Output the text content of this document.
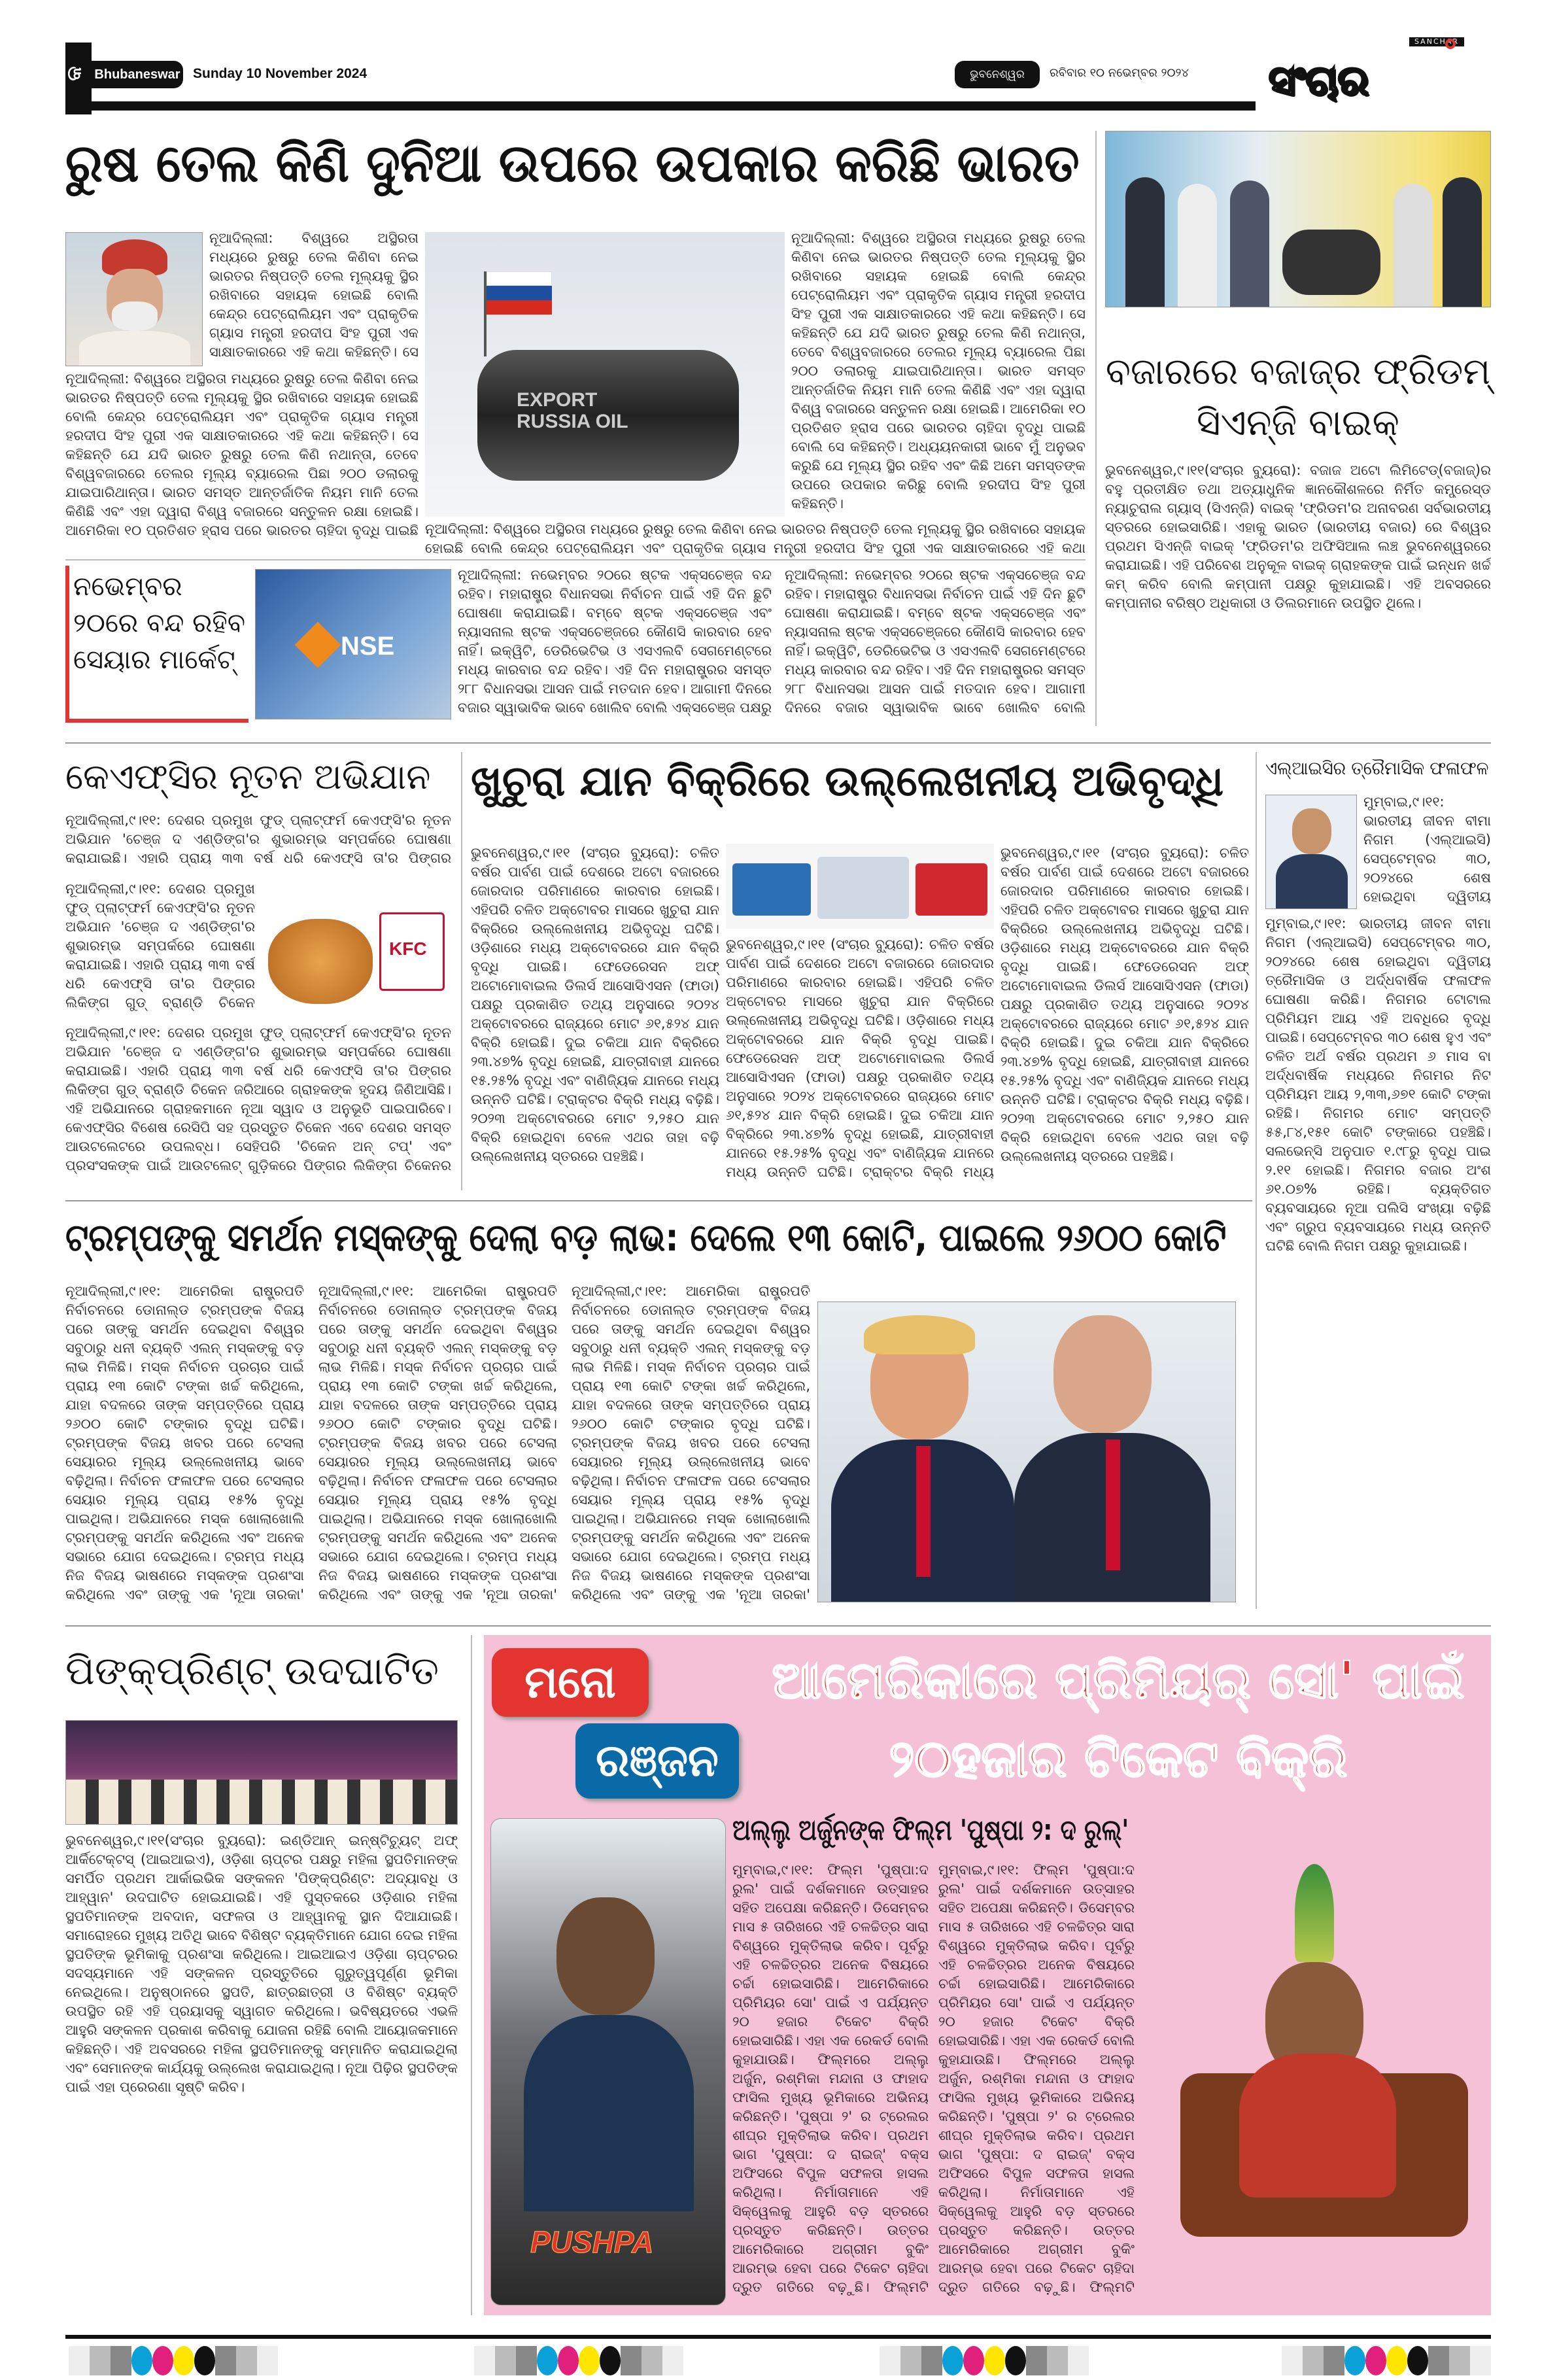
କ Bhubaneswar Sunday 10 November 2024	ଭୁବନେଶ୍ୱର	ରବିବାର ୧୦ ନଭେମ୍ବର ୨୦୨୪
SANCHAR
ସଂଚାର
ରୁଷ ତେଲ କିଣି ଦୁନିଆ ଉପରେ ଉପକାର କରିଛି ଭାରତ
ନୂଆଦିଲ୍ଲୀ: ବିଶ୍ୱରେ ଅସ୍ଥିରତା ମଧ୍ୟରେ ରୁଷରୁ ତେଲ କିଣିବା ନେଇ ଭାରତର ନିଷ୍ପତ୍ତି ତେଲ ମୂଲ୍ୟକୁ ସ୍ଥିର ରଖିବାରେ ସହାୟକ ହୋଇଛି ବୋଲି କେନ୍ଦ୍ର ପେଟ୍ରୋଲିୟମ ଏବଂ ପ୍ରାକୃତିକ ଗ୍ୟାସ ମନ୍ତ୍ରୀ ହରଦୀପ ସିଂହ ପୁରୀ ଏକ ସାକ୍ଷାତକାରରେ ଏହି କଥା କହିଛନ୍ତି। ସେ
ନୂଆଦିଲ୍ଲୀ: ବିଶ୍ୱରେ ଅସ୍ଥିରତା ମଧ୍ୟରେ ରୁଷରୁ ତେଲ କିଣିବା ନେଇ ଭାରତର ନିଷ୍ପତ୍ତି ତେଲ ମୂଲ୍ୟକୁ ସ୍ଥିର ରଖିବାରେ ସହାୟକ ହୋଇଛି ବୋଲି କେନ୍ଦ୍ର ପେଟ୍ରୋଲିୟମ ଏବଂ ପ୍ରାକୃତିକ ଗ୍ୟାସ ମନ୍ତ୍ରୀ ହରଦୀପ ସିଂହ ପୁରୀ ଏକ ସାକ୍ଷାତକାରରେ ଏହି କଥା କହିଛନ୍ତି। ସେ କହିଛନ୍ତି ଯେ ଯଦି ଭାରତ ରୁଷରୁ ତେଲ କିଣି ନଥାନ୍ତା, ତେବେ ବିଶ୍ୱବଜାରରେ ତେଲର ମୂଲ୍ୟ ବ୍ୟାରେଲ ପିଛା ୨୦୦ ଡଲାରକୁ ଯାଇପାରିଥାନ୍ତା। ଭାରତ ସମସ୍ତ ଆନ୍ତର୍ଜାତିକ ନିୟମ ମାନି ତେଲ କିଣିଛି ଏବଂ ଏହା ଦ୍ୱାରା ବିଶ୍ୱ ବଜାରରେ ସନ୍ତୁଳନ ରକ୍ଷା ହୋଇଛି। ଆମେରିକା ୧୦ ପ୍ରତିଶତ ହ୍ରାସ ପରେ ଭାରତର ଚାହିଦା ବୃଦ୍ଧି ପାଇଛି
EXPORT RUSSIA OIL
ନୂଆଦିଲ୍ଲୀ: ବିଶ୍ୱରେ ଅସ୍ଥିରତା ମଧ୍ୟରେ ରୁଷରୁ ତେଲ କିଣିବା ନେଇ ଭାରତର ନିଷ୍ପତ୍ତି ତେଲ ମୂଲ୍ୟକୁ ସ୍ଥିର ରଖିବାରେ ସହାୟକ ହୋଇଛି ବୋଲି କେନ୍ଦ୍ର ପେଟ୍ରୋଲିୟମ ଏବଂ ପ୍ରାକୃତିକ ଗ୍ୟାସ ମନ୍ତ୍ରୀ ହରଦୀପ ସିଂହ ପୁରୀ ଏକ ସାକ୍ଷାତକାରରେ ଏହି କଥା କହିଛନ୍ତି। ସେ କହିଛନ୍ତି ଯେ ଯଦି ଭାରତ ରୁଷରୁ ତେଲ କିଣି ନଥାନ୍ତା, ତେବେ ବିଶ୍ୱବଜାରରେ ତେଲର ମୂଲ୍ୟ ବ୍ୟାରେଲ ପିଛା ୨୦୦ ଡଲାରକୁ ଯାଇପାରିଥାନ୍ତା। ଭାରତ ସମସ୍ତ ଆନ୍ତର୍ଜାତିକ ନିୟମ ମାନି ତେଲ କିଣିଛି ଏବଂ ଏହା ଦ୍ୱାରା ବିଶ୍ୱ ବଜାରରେ ସନ୍ତୁଳନ ରକ୍ଷା ହୋଇଛି। ଆମେରିକା ୧୦ ପ୍ରତିଶତ ହ୍ରାସ ପରେ ଭାରତର ଚାହିଦା ବୃଦ୍ଧି ପାଇଛି ବୋଲି ସେ କହିଛନ୍ତି। ଅଧ୍ୟୟନକାରୀ ଭାବେ ମୁଁ ଅନୁଭବ କରୁଛି ଯେ ମୂଲ୍ୟ ସ୍ଥିର ରହିବ ଏବଂ କିଛି ଅମେ ସମସ୍ତଙ୍କ ଉପରେ ଉପକାର କରିଛୁ ବୋଲି ହରଦୀପ ସିଂହ ପୁରୀ କହିଛନ୍ତି।
ନୂଆଦିଲ୍ଲୀ: ବିଶ୍ୱରେ ଅସ୍ଥିରତା ମଧ୍ୟରେ ରୁଷରୁ ତେଲ କିଣିବା ନେଇ ଭାରତର ନିଷ୍ପତ୍ତି ତେଲ ମୂଲ୍ୟକୁ ସ୍ଥିର ରଖିବାରେ ସହାୟକ ହୋଇଛି ବୋଲି କେନ୍ଦ୍ର ପେଟ୍ରୋଲିୟମ ଏବଂ ପ୍ରାକୃତିକ ଗ୍ୟାସ ମନ୍ତ୍ରୀ ହରଦୀପ ସିଂହ ପୁରୀ ଏକ ସାକ୍ଷାତକାରରେ ଏହି କଥା
ବଜାରରେ ବଜାଜ୍‌ର ଫ୍ରିଡମ୍ ସିଏନ୍‌ଜି ବାଇକ୍
ଭୁବନେଶ୍ୱର,୯।୧୧(ସଂଚାର ବ୍ୟୁରୋ): ବଜାଜ ଅଟୋ ଲିମିଟେଡ୍(ବଜାଜ୍)ର ବହୁ ପ୍ରତୀକ୍ଷିତ ତଥା ଅତ୍ୟାଧୁନିକ ଜ୍ଞାନକୌଶଳରେ ନିର୍ମିତ କମ୍ପ୍ରେସ୍ଡ ନ୍ୟାଚୁରାଲ ଗ୍ୟାସ୍ (ସିଏନ୍‌ଜି) ବାଇକ୍ 'ଫ୍ରିଡମ'ର ଅନାବରଣ ସର୍ବଭାରତୀୟ ସ୍ତରରେ ହୋଇସାରିଛି। ଏହାକୁ ଭାରତ (ଭାରତୀୟ ବଜାର) ରେ ବିଶ୍ୱର ପ୍ରଥମ ସିଏନ୍‌ଜି ବାଇକ୍ 'ଫ୍ରିଡମ'ର ଅଫିସିଆଲ ଲଞ୍ଚ ଭୁବନେଶ୍ୱରରେ କରାଯାଇଛି। ଏହି ପରିବେଶ ଅନୁକୂଳ ବାଇକ୍ ଗ୍ରାହକଙ୍କ ପାଇଁ ଇନ୍ଧନ ଖର୍ଚ୍ଚ କମ୍ କରିବ ବୋଲି କମ୍ପାନୀ ପକ୍ଷରୁ କୁହାଯାଇଛି। ଏହି ଅବସରରେ କମ୍ପାନୀର ବରିଷ୍ଠ ଅଧିକାରୀ ଓ ଡିଲରମାନେ ଉପସ୍ଥିତ ଥିଲେ।
ନଭେମ୍ବର ୨୦ରେ ବନ୍ଦ ରହିବ ସେୟାର ମାର୍କେଟ୍	NSE
ନୂଆଦିଲ୍ଲୀ: ନଭେମ୍ବର ୨୦ରେ ଷ୍ଟକ ଏକ୍ସଚେଞ୍ଜ ବନ୍ଦ ରହିବ। ମହାରାଷ୍ଟ୍ର ବିଧାନସଭା ନିର୍ବାଚନ ପାଇଁ ଏହି ଦିନ ଛୁଟି ଘୋଷଣା କରାଯାଇଛି। ବମ୍ବେ ଷ୍ଟକ ଏକ୍ସଚେଞ୍ଜ ଏବଂ ନ୍ୟାସନାଲ ଷ୍ଟକ ଏକ୍ସଚେଞ୍ଜରେ କୌଣସି କାରବାର ହେବ ନାହିଁ। ଇକ୍ୱିଟି, ଡେରିଭେଟିଭ ଓ ଏସଏଲବି ସେଗମେଣ୍ଟରେ ମଧ୍ୟ କାରବାର ବନ୍ଦ ରହିବ। ଏହି ଦିନ ମହାରାଷ୍ଟ୍ରର ସମସ୍ତ ୨୮୮ ବିଧାନସଭା ଆସନ ପାଇଁ ମତଦାନ ହେବ। ଆଗାମୀ ଦିନରେ ବଜାର ସ୍ୱାଭାବିକ ଭାବେ ଖୋଲିବ ବୋଲି ଏକ୍ସଚେଞ୍ଜ ପକ୍ଷରୁ
ନୂଆଦିଲ୍ଲୀ: ନଭେମ୍ବର ୨୦ରେ ଷ୍ଟକ ଏକ୍ସଚେଞ୍ଜ ବନ୍ଦ ରହିବ। ମହାରାଷ୍ଟ୍ର ବିଧାନସଭା ନିର୍ବାଚନ ପାଇଁ ଏହି ଦିନ ଛୁଟି ଘୋଷଣା କରାଯାଇଛି। ବମ୍ବେ ଷ୍ଟକ ଏକ୍ସଚେଞ୍ଜ ଏବଂ ନ୍ୟାସନାଲ ଷ୍ଟକ ଏକ୍ସଚେଞ୍ଜରେ କୌଣସି କାରବାର ହେବ ନାହିଁ। ଇକ୍ୱିଟି, ଡେରିଭେଟିଭ ଓ ଏସଏଲବି ସେଗମେଣ୍ଟରେ ମଧ୍ୟ କାରବାର ବନ୍ଦ ରହିବ। ଏହି ଦିନ ମହାରାଷ୍ଟ୍ରର ସମସ୍ତ ୨୮୮ ବିଧାନସଭା ଆସନ ପାଇଁ ମତଦାନ ହେବ। ଆଗାମୀ ଦିନରେ ବଜାର ସ୍ୱାଭାବିକ ଭାବେ ଖୋଲିବ ବୋଲି
କେଏଫ୍‌ସିର ନୂତନ ଅଭିଯାନ
ନୂଆଦିଲ୍ଲୀ,୯।୧୧: ଦେଶର ପ୍ରମୁଖ ଫୁଡ୍ ପ୍ଲାଟ୍‌ଫର୍ମ କେଏଫ୍‌ସି'ର ନୂତନ ଅଭିଯାନ 'ଚେଞ୍ଜ ଦ ଏଣ୍ଡିଙ୍ଗ'ର ଶୁଭାରମ୍ଭ ସମ୍ପର୍କରେ ଘୋଷଣା କରାଯାଇଛି। ଏହାରି ପ୍ରାୟ ୩୩ ବର୍ଷ ଧରି କେଏଫ୍‌ସି ତା'ର ପିଙ୍ଗର
ନୂଆଦିଲ୍ଲୀ,୯।୧୧: ଦେଶର ପ୍ରମୁଖ ଫୁଡ୍ ପ୍ଲାଟ୍‌ଫର୍ମ କେଏଫ୍‌ସି'ର ନୂତନ ଅଭିଯାନ 'ଚେଞ୍ଜ ଦ ଏଣ୍ଡିଙ୍ଗ'ର ଶୁଭାରମ୍ଭ ସମ୍ପର୍କରେ ଘୋଷଣା କରାଯାଇଛି। ଏହାରି ପ୍ରାୟ ୩୩ ବର୍ଷ ଧରି କେଏଫ୍‌ସି ତା'ର ପିଙ୍ଗର ଲିକିଙ୍ଗ ଗୁଡ୍ ବ୍ରାଣ୍ଡି ଚିକେନ
KFC
ନୂଆଦିଲ୍ଲୀ,୯।୧୧: ଦେଶର ପ୍ରମୁଖ ଫୁଡ୍ ପ୍ଲାଟ୍‌ଫର୍ମ କେଏଫ୍‌ସି'ର ନୂତନ ଅଭିଯାନ 'ଚେଞ୍ଜ ଦ ଏଣ୍ଡିଙ୍ଗ'ର ଶୁଭାରମ୍ଭ ସମ୍ପର୍କରେ ଘୋଷଣା କରାଯାଇଛି। ଏହାରି ପ୍ରାୟ ୩୩ ବର୍ଷ ଧରି କେଏଫ୍‌ସି ତା'ର ପିଙ୍ଗର ଲିକିଙ୍ଗ ଗୁଡ୍ ବ୍ରାଣ୍ଡି ଚିକେନ ଜରିଆରେ ଗ୍ରାହକଙ୍କ ହୃଦୟ ଜିଣିଆସିଛି। ଏହି ଅଭିଯାନରେ ଗ୍ରାହକମାନେ ନୂଆ ସ୍ୱାଦ ଓ ଅନୁଭୂତି ପାଇପାରିବେ। କେଏଫ୍‌ସିର ବିଶେଷ ରେସିପି ସହ ପ୍ରସ୍ତୁତ ଚିକେନ ଏବେ ଦେଶର ସମସ୍ତ ଆଉଟଲେଟରେ ଉପଲବ୍ଧ। ସେହିପରି 'ଚିକେନ ଅନ୍ ଟପ୍' ଏବଂ ପ୍ରସଂସକଙ୍କ ପାଇଁ ଆଉଟଲେଟ୍ ଗୁଡ଼ିକରେ ପିଙ୍ଗର ଲିକିଙ୍ଗ ଚିକେନର
ଖୁଚୁରା ଯାନ ବିକ୍ରିରେ ଉଲ୍ଲେଖନୀୟ ଅଭିବୃଦ୍ଧି
ଭୁବନେଶ୍ୱର,୯।୧୧ (ସଂଚାର ବ୍ୟୁରୋ): ଚଳିତ ବର୍ଷର ପାର୍ବଣ ପାଇଁ ଦେଶରେ ଅଟୋ ବଜାରରେ ଜୋରଦାର ପରିମାଣରେ କାରବାର ହୋଇଛି। ଏହିପରି ଚଳିତ ଅକ୍ଟୋବର ମାସରେ ଖୁଚୁରା ଯାନ ବିକ୍ରିରେ ଉଲ୍ଲେଖନୀୟ ଅଭିବୃଦ୍ଧି ଘଟିଛି। ଓଡ଼ିଶାରେ ମଧ୍ୟ ଅକ୍ଟୋବରରେ ଯାନ ବିକ୍ରି ବୃଦ୍ଧି ପାଇଛି। ଫେଡେରେସନ ଅଫ୍ ଅଟୋମୋବାଇଲ ଡିଲର୍ସ ଆସୋସିଏସନ (ଫାଡା) ପକ୍ଷରୁ ପ୍ରକାଶିତ ତଥ୍ୟ ଅନୁସାରେ ୨୦୨୪ ଅକ୍ଟୋବରରେ ରାଜ୍ୟରେ ମୋଟ ୬୧,୫୨୪ ଯାନ ବିକ୍ରି ହୋଇଛି। ଦୁଇ ଚକିଆ ଯାନ ବିକ୍ରିରେ ୨୩.୪୭% ବୃଦ୍ଧି ହୋଇଛି, ଯାତ୍ରୀବାହୀ ଯାନରେ ୧୫.୨୫% ବୃଦ୍ଧି ଏବଂ ବାଣିଜ୍ୟିକ ଯାନରେ ମଧ୍ୟ ଉନ୍ନତି ଘଟିଛି। ଟ୍ରାକ୍ଟର ବିକ୍ରି ମଧ୍ୟ ବଢ଼ିଛି। ୨୦୨୩ ଅକ୍ଟୋବରରେ ମୋଟ ୨,୨୫୦ ଯାନ ବିକ୍ରି ହୋଇଥିବା ବେଳେ ଏଥର ତାହା ବଢ଼ି ଉଲ୍ଲେଖନୀୟ ସ୍ତରରେ ପହଞ୍ଚିଛି।
ଭୁବନେଶ୍ୱର,୯।୧୧ (ସଂଚାର ବ୍ୟୁରୋ): ଚଳିତ ବର୍ଷର ପାର୍ବଣ ପାଇଁ ଦେଶରେ ଅଟୋ ବଜାରରେ ଜୋରଦାର ପରିମାଣରେ କାରବାର ହୋଇଛି। ଏହିପରି ଚଳିତ ଅକ୍ଟୋବର ମାସରେ ଖୁଚୁରା ଯାନ ବିକ୍ରିରେ ଉଲ୍ଲେଖନୀୟ ଅଭିବୃଦ୍ଧି ଘଟିଛି। ଓଡ଼ିଶାରେ ମଧ୍ୟ ଅକ୍ଟୋବରରେ ଯାନ ବିକ୍ରି ବୃଦ୍ଧି ପାଇଛି। ଫେଡେରେସନ ଅଫ୍ ଅଟୋମୋବାଇଲ ଡିଲର୍ସ ଆସୋସିଏସନ (ଫାଡା) ପକ୍ଷରୁ ପ୍ରକାଶିତ ତଥ୍ୟ ଅନୁସାରେ ୨୦୨୪ ଅକ୍ଟୋବରରେ ରାଜ୍ୟରେ ମୋଟ ୬୧,୫୨୪ ଯାନ ବିକ୍ରି ହୋଇଛି। ଦୁଇ ଚକିଆ ଯାନ ବିକ୍ରିରେ ୨୩.୪୭% ବୃଦ୍ଧି ହୋଇଛି, ଯାତ୍ରୀବାହୀ ଯାନରେ ୧୫.୨୫% ବୃଦ୍ଧି ଏବଂ ବାଣିଜ୍ୟିକ ଯାନରେ ମଧ୍ୟ ଉନ୍ନତି ଘଟିଛି। ଟ୍ରାକ୍ଟର ବିକ୍ରି ମଧ୍ୟ
ଭୁବନେଶ୍ୱର,୯।୧୧ (ସଂଚାର ବ୍ୟୁରୋ): ଚଳିତ ବର୍ଷର ପାର୍ବଣ ପାଇଁ ଦେଶରେ ଅଟୋ ବଜାରରେ ଜୋରଦାର ପରିମାଣରେ କାରବାର ହୋଇଛି। ଏହିପରି ଚଳିତ ଅକ୍ଟୋବର ମାସରେ ଖୁଚୁରା ଯାନ ବିକ୍ରିରେ ଉଲ୍ଲେଖନୀୟ ଅଭିବୃଦ୍ଧି ଘଟିଛି। ଓଡ଼ିଶାରେ ମଧ୍ୟ ଅକ୍ଟୋବରରେ ଯାନ ବିକ୍ରି ବୃଦ୍ଧି ପାଇଛି। ଫେଡେରେସନ ଅଫ୍ ଅଟୋମୋବାଇଲ ଡିଲର୍ସ ଆସୋସିଏସନ (ଫାଡା) ପକ୍ଷରୁ ପ୍ରକାଶିତ ତଥ୍ୟ ଅନୁସାରେ ୨୦୨୪ ଅକ୍ଟୋବରରେ ରାଜ୍ୟରେ ମୋଟ ୬୧,୫୨୪ ଯାନ ବିକ୍ରି ହୋଇଛି। ଦୁଇ ଚକିଆ ଯାନ ବିକ୍ରିରେ ୨୩.୪୭% ବୃଦ୍ଧି ହୋଇଛି, ଯାତ୍ରୀବାହୀ ଯାନରେ ୧୫.୨୫% ବୃଦ୍ଧି ଏବଂ ବାଣିଜ୍ୟିକ ଯାନରେ ମଧ୍ୟ ଉନ୍ନତି ଘଟିଛି। ଟ୍ରାକ୍ଟର ବିକ୍ରି ମଧ୍ୟ ବଢ଼ିଛି। ୨୦୨୩ ଅକ୍ଟୋବରରେ ମୋଟ ୨,୨୫୦ ଯାନ ବିକ୍ରି ହୋଇଥିବା ବେଳେ ଏଥର ତାହା ବଢ଼ି ଉଲ୍ଲେଖନୀୟ ସ୍ତରରେ ପହଞ୍ଚିଛି।
ଏଲ୍‌ଆଇସିର ତ୍ରୈମାସିକ ଫଳାଫଳ
ମୁମ୍ବାଇ,୯।୧୧: ଭାରତୀୟ ଜୀବନ ବୀମା ନିଗମ (ଏଲ୍‌ଆଇସି) ସେପ୍ଟେମ୍ବର ୩୦, ୨୦୨୪ରେ ଶେଷ ହୋଇଥିବା ଦ୍ୱିତୀୟ
ମୁମ୍ବାଇ,୯।୧୧: ଭାରତୀୟ ଜୀବନ ବୀମା ନିଗମ (ଏଲ୍‌ଆଇସି) ସେପ୍ଟେମ୍ବର ୩୦, ୨୦୨୪ରେ ଶେଷ ହୋଇଥିବା ଦ୍ୱିତୀୟ ତ୍ରୈମାସିକ ଓ ଅର୍ଦ୍ଧବାର୍ଷିକ ଫଳାଫଳ ଘୋଷଣା କରିଛି। ନିଗମର ଟୋଟାଲ ପ୍ରିମିୟମ ଆୟ ଏହି ଅବଧିରେ ବୃଦ୍ଧି ପାଇଛି। ସେପ୍ଟେମ୍ବର ୩୦ ଶେଷ ହୁଏ ଏବଂ ଚଳିତ ଅର୍ଥ ବର୍ଷର ପ୍ରଥମ ୬ ମାସ ବା ଅର୍ଦ୍ଧବାର୍ଷିକ ମଧ୍ୟରେ ନିଗମର ନିଟ ପ୍ରିମିୟମ ଆୟ ୨,୩୩,୬୭୧ କୋଟି ଟଙ୍କା ରହିଛି। ନିଗମର ମୋଟ ସମ୍ପତ୍ତି ୫୫,୮୪,୧୫୧ କୋଟି ଟଙ୍କାରେ ପହଞ୍ଚିଛି। ସଲଭେନ୍ସି ଅନୁପାତ ୧.୯୮ରୁ ବୃଦ୍ଧି ପାଇ ୨.୧୧ ହୋଇଛି। ନିଗମର ବଜାର ଅଂଶ ୬୧.୦୭% ରହିଛି। ବ୍ୟକ୍ତିଗତ ବ୍ୟବସାୟରେ ନୂଆ ପଲିସି ସଂଖ୍ୟା ବଢ଼ିଛି ଏବଂ ଗ୍ରୁପ ବ୍ୟବସାୟରେ ମଧ୍ୟ ଉନ୍ନତି ଘଟିଛି ବୋଲି ନିଗମ ପକ୍ଷରୁ କୁହାଯାଇଛି।
ଟ୍ରମ୍ପଙ୍କୁ ସମର୍ଥନ ମସ୍କଙ୍କୁ ଦେଲା ବଡ଼ ଲାଭ: ଦେଲେ ୧୩ କୋଟି, ପାଇଲେ ୨୬୦୦ କୋଟି
ନୂଆଦିଲ୍ଲୀ,୯।୧୧: ଆମେରିକା ରାଷ୍ଟ୍ରପତି ନିର୍ବାଚନରେ ଡୋନାଲ୍ଡ ଟ୍ରମ୍ପଙ୍କ ବିଜୟ ପରେ ତାଙ୍କୁ ସମର୍ଥନ ଦେଇଥିବା ବିଶ୍ୱର ସବୁଠାରୁ ଧନୀ ବ୍ୟକ୍ତି ଏଲନ୍ ମସ୍କଙ୍କୁ ବଡ଼ ଲାଭ ମିଳିଛି। ମସ୍କ ନିର୍ବାଚନ ପ୍ରଚାର ପାଇଁ ପ୍ରାୟ ୧୩ କୋଟି ଟଙ୍କା ଖର୍ଚ୍ଚ କରିଥିଲେ, ଯାହା ବଦଳରେ ତାଙ୍କ ସମ୍ପତ୍ତିରେ ପ୍ରାୟ ୨୬୦୦ କୋଟି ଟଙ୍କାର ବୃଦ୍ଧି ଘଟିଛି। ଟ୍ରମ୍ପଙ୍କ ବିଜୟ ଖବର ପରେ ଟେସଲା ସେୟାରର ମୂଲ୍ୟ ଉଲ୍ଲେଖନୀୟ ଭାବେ ବଢ଼ିଥିଲା। ନିର୍ବାଚନ ଫଳାଫଳ ପରେ ଟେସଲାର ସେୟାର ମୂଲ୍ୟ ପ୍ରାୟ ୧୫% ବୃଦ୍ଧି ପାଇଥିଲା। ଅଭିଯାନରେ ମସ୍କ ଖୋଲାଖୋଲି ଟ୍ରମ୍ପଙ୍କୁ ସମର୍ଥନ କରିଥିଲେ ଏବଂ ଅନେକ ସଭାରେ ଯୋଗ ଦେଇଥିଲେ। ଟ୍ରମ୍ପ ମଧ୍ୟ ନିଜ ବିଜୟ ଭାଷଣରେ ମସ୍କଙ୍କ ପ୍ରଶଂସା କରିଥିଲେ ଏବଂ ତାଙ୍କୁ ଏକ 'ନୂଆ ତାରକା'
ନୂଆଦିଲ୍ଲୀ,୯।୧୧: ଆମେରିକା ରାଷ୍ଟ୍ରପତି ନିର୍ବାଚନରେ ଡୋନାଲ୍ଡ ଟ୍ରମ୍ପଙ୍କ ବିଜୟ ପରେ ତାଙ୍କୁ ସମର୍ଥନ ଦେଇଥିବା ବିଶ୍ୱର ସବୁଠାରୁ ଧନୀ ବ୍ୟକ୍ତି ଏଲନ୍ ମସ୍କଙ୍କୁ ବଡ଼ ଲାଭ ମିଳିଛି। ମସ୍କ ନିର୍ବାଚନ ପ୍ରଚାର ପାଇଁ ପ୍ରାୟ ୧୩ କୋଟି ଟଙ୍କା ଖର୍ଚ୍ଚ କରିଥିଲେ, ଯାହା ବଦଳରେ ତାଙ୍କ ସମ୍ପତ୍ତିରେ ପ୍ରାୟ ୨୬୦୦ କୋଟି ଟଙ୍କାର ବୃଦ୍ଧି ଘଟିଛି। ଟ୍ରମ୍ପଙ୍କ ବିଜୟ ଖବର ପରେ ଟେସଲା ସେୟାରର ମୂଲ୍ୟ ଉଲ୍ଲେଖନୀୟ ଭାବେ ବଢ଼ିଥିଲା। ନିର୍ବାଚନ ଫଳାଫଳ ପରେ ଟେସଲାର ସେୟାର ମୂଲ୍ୟ ପ୍ରାୟ ୧୫% ବୃଦ୍ଧି ପାଇଥିଲା। ଅଭିଯାନରେ ମସ୍କ ଖୋଲାଖୋଲି ଟ୍ରମ୍ପଙ୍କୁ ସମର୍ଥନ କରିଥିଲେ ଏବଂ ଅନେକ ସଭାରେ ଯୋଗ ଦେଇଥିଲେ। ଟ୍ରମ୍ପ ମଧ୍ୟ ନିଜ ବିଜୟ ଭାଷଣରେ ମସ୍କଙ୍କ ପ୍ରଶଂସା କରିଥିଲେ ଏବଂ ତାଙ୍କୁ ଏକ 'ନୂଆ ତାରକା'
ନୂଆଦିଲ୍ଲୀ,୯।୧୧: ଆମେରିକା ରାଷ୍ଟ୍ରପତି ନିର୍ବାଚନରେ ଡୋନାଲ୍ଡ ଟ୍ରମ୍ପଙ୍କ ବିଜୟ ପରେ ତାଙ୍କୁ ସମର୍ଥନ ଦେଇଥିବା ବିଶ୍ୱର ସବୁଠାରୁ ଧନୀ ବ୍ୟକ୍ତି ଏଲନ୍ ମସ୍କଙ୍କୁ ବଡ଼ ଲାଭ ମିଳିଛି। ମସ୍କ ନିର୍ବାଚନ ପ୍ରଚାର ପାଇଁ ପ୍ରାୟ ୧୩ କୋଟି ଟଙ୍କା ଖର୍ଚ୍ଚ କରିଥିଲେ, ଯାହା ବଦଳରେ ତାଙ୍କ ସମ୍ପତ୍ତିରେ ପ୍ରାୟ ୨୬୦୦ କୋଟି ଟଙ୍କାର ବୃଦ୍ଧି ଘଟିଛି। ଟ୍ରମ୍ପଙ୍କ ବିଜୟ ଖବର ପରେ ଟେସଲା ସେୟାରର ମୂଲ୍ୟ ଉଲ୍ଲେଖନୀୟ ଭାବେ ବଢ଼ିଥିଲା। ନିର୍ବାଚନ ଫଳାଫଳ ପରେ ଟେସଲାର ସେୟାର ମୂଲ୍ୟ ପ୍ରାୟ ୧୫% ବୃଦ୍ଧି ପାଇଥିଲା। ଅଭିଯାନରେ ମସ୍କ ଖୋଲାଖୋଲି ଟ୍ରମ୍ପଙ୍କୁ ସମର୍ଥନ କରିଥିଲେ ଏବଂ ଅନେକ ସଭାରେ ଯୋଗ ଦେଇଥିଲେ। ଟ୍ରମ୍ପ ମଧ୍ୟ ନିଜ ବିଜୟ ଭାଷଣରେ ମସ୍କଙ୍କ ପ୍ରଶଂସା କରିଥିଲେ ଏବଂ ତାଙ୍କୁ ଏକ 'ନୂଆ ତାରକା'
ପିଙ୍କ୍‌ପ୍ରିଣ୍ଟ୍ ଉଦଘାଟିତ
ଭୁବନେଶ୍ୱର,୯।୧୧(ସଂଚାର ବ୍ୟୁରୋ): ଇଣ୍ଡିଆନ୍ ଇନ୍‌ଷ୍ଟିଚ୍ୟୁଟ୍ ଅଫ୍ ଆର୍କିଟେକ୍ଟସ୍ (ଆଇଆଇଏ), ଓଡ଼ିଶା ଚାପ୍ଟର ପକ୍ଷରୁ ମହିଳା ସ୍ଥପତିମାନଙ୍କ ସମର୍ପିତ ପ୍ରଥମ ଆର୍କାଇଭିକ ସଙ୍କଳନ 'ପିଙ୍କ୍‌ପ୍ରିଣ୍ଟ: ଅଦ୍ୟାବଧି ଓ ଆହ୍ୱାନ' ଉଦଘାଟିତ ହୋଇଯାଇଛି। ଏହି ପୁସ୍ତକରେ ଓଡ଼ିଶାର ମହିଳା ସ୍ଥପତିମାନଙ୍କ ଅବଦାନ, ସଫଳତା ଓ ଆହ୍ୱାନକୁ ସ୍ଥାନ ଦିଆଯାଇଛି। ସମାରୋହରେ ମୁଖ୍ୟ ଅତିଥି ଭାବେ ବିଶିଷ୍ଟ ବ୍ୟକ୍ତିମାନେ ଯୋଗ ଦେଇ ମହିଳା ସ୍ଥପତିଙ୍କ ଭୂମିକାକୁ ପ୍ରଶଂସା କରିଥିଲେ। ଆଇଆଇଏ ଓଡ଼ିଶା ଚାପ୍ଟରର ସଦସ୍ୟମାନେ ଏହି ସଙ୍କଳନ ପ୍ରସ୍ତୁତିରେ ଗୁରୁତ୍ୱପୂର୍ଣ୍ଣ ଭୂମିକା ନେଇଥିଲେ। ଅନୁଷ୍ଠାନରେ ସ୍ଥପତି, ଛାତ୍ରଛାତ୍ରୀ ଓ ବିଶିଷ୍ଟ ବ୍ୟକ୍ତି ଉପସ୍ଥିତ ରହି ଏହି ପ୍ରୟାସକୁ ସ୍ୱାଗତ କରିଥିଲେ। ଭବିଷ୍ୟତରେ ଏଭଳି ଆହୁରି ସଙ୍କଳନ ପ୍ରକାଶ କରିବାକୁ ଯୋଜନା ରହିଛି ବୋଲି ଆୟୋଜକମାନେ କହିଛନ୍ତି। ଏହି ଅବସରରେ ମହିଳା ସ୍ଥପତିମାନଙ୍କୁ ସମ୍ମାନିତ କରାଯାଇଥିଲା ଏବଂ ସେମାନଙ୍କ କାର୍ଯ୍ୟକୁ ଉଲ୍ଲେଖ କରାଯାଇଥିଲା। ନୂଆ ପିଢ଼ିର ସ୍ଥପତିଙ୍କ ପାଇଁ ଏହା ପ୍ରେରଣା ସୃଷ୍ଟି କରିବ।
ମନୋ
ରଞ୍ଜନ
ଆମେରିକାରେ ପ୍ରିମିୟର୍ ସୋ' ପାଇଁ
୨୦ହଜାର ଟିକେଟ ବିକ୍ରି
ଅଲ୍ଲୁ ଅର୍ଜୁନଙ୍କ ଫିଲ୍ମ 'ପୁଷ୍ପା ୨: ଦ ରୁଲ୍'
PUSHPA
ମୁମ୍ବାଇ,୯।୧୧: ଫିଲ୍ମ 'ପୁଷ୍ପା:ଦ ରୁଲ' ପାଇଁ ଦର୍ଶକମାନେ ଉତ୍ସାହର ସହିତ ଅପେକ୍ଷା କରିଛନ୍ତି। ଡିସେମ୍ବର ମାସ ୫ ତାରିଖରେ ଏହି ଚଳଚ୍ଚିତ୍ର ସାରା ବିଶ୍ୱରେ ମୁକ୍ତିଲାଭ କରିବ। ପୂର୍ବରୁ ଏହି ଚଳଚ୍ଚିତ୍ରର ଅନେକ ବିଷୟରେ ଚର୍ଚ୍ଚା ହୋଇସାରିଛି। ଆମେରିକାରେ ପ୍ରିମିୟର ସୋ' ପାଇଁ ଏ ପର୍ଯ୍ୟନ୍ତ ୨୦ ହଜାର ଟିକେଟ ବିକ୍ରି ହୋଇସାରିଛି। ଏହା ଏକ ରେକର୍ଡ ବୋଲି କୁହାଯାଉଛି। ଫିଲ୍ମରେ ଅଲ୍ଲୁ ଅର୍ଜୁନ, ରଶ୍ମିକା ମନ୍ଦାନା ଓ ଫାହାଦ ଫାସିଲ ମୁଖ୍ୟ ଭୂମିକାରେ ଅଭିନୟ କରିଛନ୍ତି। 'ପୁଷ୍ପା ୨' ର ଟ୍ରେଲର ଶୀଘ୍ର ମୁକ୍ତିଲାଭ କରିବ। ପ୍ରଥମ ଭାଗ 'ପୁଷ୍ପା: ଦ ରାଇଜ୍' ବକ୍ସ ଅଫିସରେ ବିପୁଳ ସଫଳତା ହାସଲ କରିଥିଲା। ନିର୍ମାତାମାନେ ଏହି ସିକ୍ୱେଲକୁ ଆହୁରି ବଡ଼ ସ୍ତରରେ ପ୍ରସ୍ତୁତ କରିଛନ୍ତି। ଉତ୍ତର ଆମେରିକାରେ ଅଗ୍ରୀମ ବୁକିଂ ଆରମ୍ଭ ହେବା ପରେ ଟିକେଟ ଚାହିଦା ଦ୍ରୁତ ଗତିରେ ବଢ଼ୁଛି। ଫିଲ୍ମଟି
ମୁମ୍ବାଇ,୯।୧୧: ଫିଲ୍ମ 'ପୁଷ୍ପା:ଦ ରୁଲ' ପାଇଁ ଦର୍ଶକମାନେ ଉତ୍ସାହର ସହିତ ଅପେକ୍ଷା କରିଛନ୍ତି। ଡିସେମ୍ବର ମାସ ୫ ତାରିଖରେ ଏହି ଚଳଚ୍ଚିତ୍ର ସାରା ବିଶ୍ୱରେ ମୁକ୍ତିଲାଭ କରିବ। ପୂର୍ବରୁ ଏହି ଚଳଚ୍ଚିତ୍ରର ଅନେକ ବିଷୟରେ ଚର୍ଚ୍ଚା ହୋଇସାରିଛି। ଆମେରିକାରେ ପ୍ରିମିୟର ସୋ' ପାଇଁ ଏ ପର୍ଯ୍ୟନ୍ତ ୨୦ ହଜାର ଟିକେଟ ବିକ୍ରି ହୋଇସାରିଛି। ଏହା ଏକ ରେକର୍ଡ ବୋଲି କୁହାଯାଉଛି। ଫିଲ୍ମରେ ଅଲ୍ଲୁ ଅର୍ଜୁନ, ରଶ୍ମିକା ମନ୍ଦାନା ଓ ଫାହାଦ ଫାସିଲ ମୁଖ୍ୟ ଭୂମିକାରେ ଅଭିନୟ କରିଛନ୍ତି। 'ପୁଷ୍ପା ୨' ର ଟ୍ରେଲର ଶୀଘ୍ର ମୁକ୍ତିଲାଭ କରିବ। ପ୍ରଥମ ଭାଗ 'ପୁଷ୍ପା: ଦ ରାଇଜ୍' ବକ୍ସ ଅଫିସରେ ବିପୁଳ ସଫଳତା ହାସଲ କରିଥିଲା। ନିର୍ମାତାମାନେ ଏହି ସିକ୍ୱେଲକୁ ଆହୁରି ବଡ଼ ସ୍ତରରେ ପ୍ରସ୍ତୁତ କରିଛନ୍ତି। ଉତ୍ତର ଆମେରିକାରେ ଅଗ୍ରୀମ ବୁକିଂ ଆରମ୍ଭ ହେବା ପରେ ଟିକେଟ ଚାହିଦା ଦ୍ରୁତ ଗତିରେ ବଢ଼ୁଛି। ଫିଲ୍ମଟି
